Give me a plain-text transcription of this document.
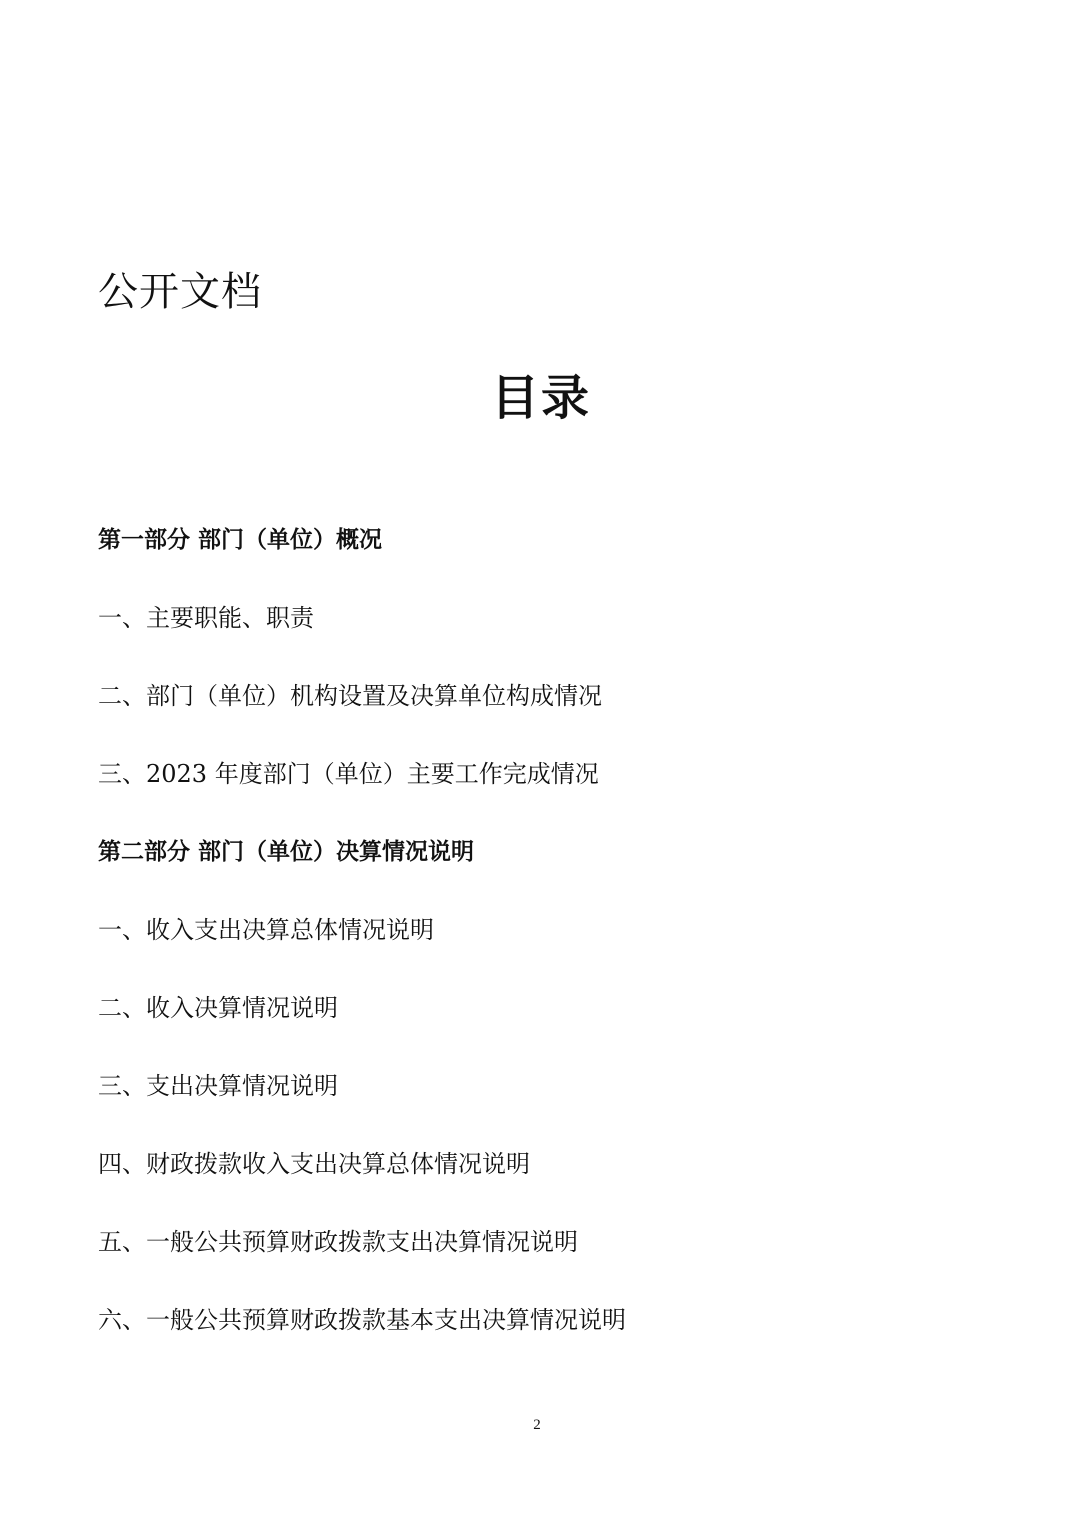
公开文档
目录
第一部分 部门（单位）概况
一、主要职能、职责
二、部门（单位）机构设置及决算单位构成情况
三、2023 年度部门（单位）主要工作完成情况
第二部分 部门（单位）决算情况说明
一、收入支出决算总体情况说明
二、收入决算情况说明
三、支出决算情况说明
四、财政拨款收入支出决算总体情况说明
五、一般公共预算财政拨款支出决算情况说明
六、一般公共预算财政拨款基本支出决算情况说明
2
